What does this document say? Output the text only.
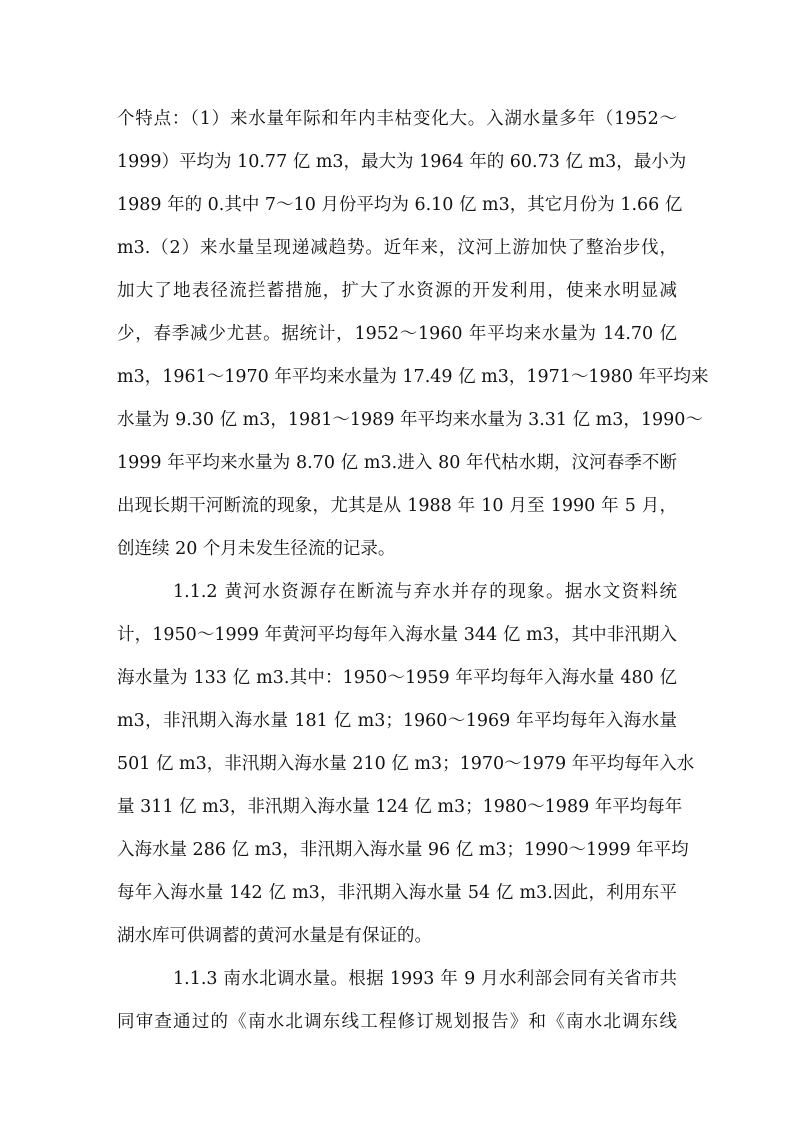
个特点：（1）来水量年际和年内丰枯变化大。入湖水量多年（1952～
1999）平均为 10.77 亿 m3，最大为 1964 年的 60.73 亿 m3，最小为
1989 年的 0.其中 7～10 月份平均为 6.10 亿 m3，其它月份为 1.66 亿
m3.（2）来水量呈现递减趋势。近年来，汶河上游加快了整治步伐，
加大了地表径流拦蓄措施，扩大了水资源的开发利用，使来水明显减
少，春季减少尤甚。据统计，1952～1960 年平均来水量为 14.70 亿
m3，1961～1970 年平均来水量为 17.49 亿 m3，1971～1980 年平均来
水量为 9.30 亿 m3，1981～1989 年平均来水量为 3.31 亿 m3，1990～
1999 年平均来水量为 8.70 亿 m3.进入 80 年代枯水期，汶河春季不断
出现长期干河断流的现象，尤其是从 1988 年 10 月至 1990 年 5 月，
创连续 20 个月未发生径流的记录。
1.1.2 黄河水资源存在断流与弃水并存的现象。据水文资料统
计，1950～1999 年黄河平均每年入海水量 344 亿 m3，其中非汛期入
海水量为 133 亿 m3.其中：1950～1959 年平均每年入海水量 480 亿
m3，非汛期入海水量 181 亿 m3；1960～1969 年平均每年入海水量
501 亿 m3，非汛期入海水量 210 亿 m3；1970～1979 年平均每年入水
量 311 亿 m3，非汛期入海水量 124 亿 m3；1980～1989 年平均每年
入海水量 286 亿 m3，非汛期入海水量 96 亿 m3；1990～1999 年平均
每年入海水量 142 亿 m3，非汛期入海水量 54 亿 m3.因此，利用东平
湖水库可供调蓄的黄河水量是有保证的。
1.1.3 南水北调水量。根据 1993 年 9 月水利部会同有关省市共
同审查通过的《南水北调东线工程修订规划报告》和《南水北调东线
